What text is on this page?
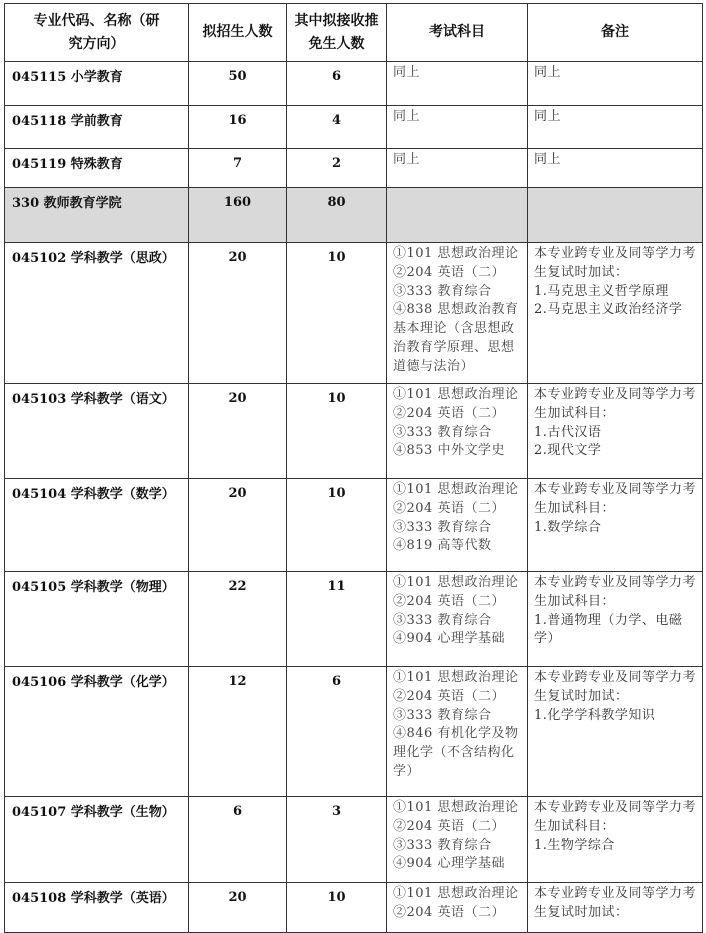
专业代码、名称（研究方向）	拟招生人数	其中拟接收推免生人数	考试科目	备注
045115 小学教育	50	6	同上	同上

045118 学前教育	16	4	同上	同上

045119 特殊教育	7	2	同上	同上

330 教师教育学院	160	80		
045102 学科教学（思政）	20	10	①101 思想政治理论
②204 英语（二）
③333 教育综合
④838 思想政治教育基本理论（含思想政治教育学原理、思想道德与法治）	本专业跨专业及同等学力考生复试时加试：
1.马克思主义哲学原理
2.马克思主义政治经济学

045103 学科教学（语文）	20	10	①101 思想政治理论
②204 英语（二）
③333 教育综合
④853 中外文学史	本专业跨专业及同等学力考生加试科目：
1.古代汉语
2.现代文学

045104 学科教学（数学）	20	10	①101 思想政治理论
②204 英语（二）
③333 教育综合
④819 高等代数	本专业跨专业及同等学力考生加试科目：
1.数学综合

045105 学科教学（物理）	22	11	①101 思想政治理论
②204 英语（二）
③333 教育综合
④904 心理学基础	本专业跨专业及同等学力考生加试科目：
1.普通物理（力学、电磁学）

045106 学科教学（化学）	12	6	①101 思想政治理论
②204 英语（二）
③333 教育综合
④846 有机化学及物理化学（不含结构化学）	本专业跨专业及同等学力考生复试时加试：
1.化学学科教学知识

045107 学科教学（生物）	6	3	①101 思想政治理论
②204 英语（二）
③333 教育综合
④904 心理学基础	本专业跨专业及同等学力考生加试科目：
1.生物学综合

045108 学科教学（英语）	20	10	①101 思想政治理论
②204 英语（二）	本专业跨专业及同等学力考生复试时加试：
